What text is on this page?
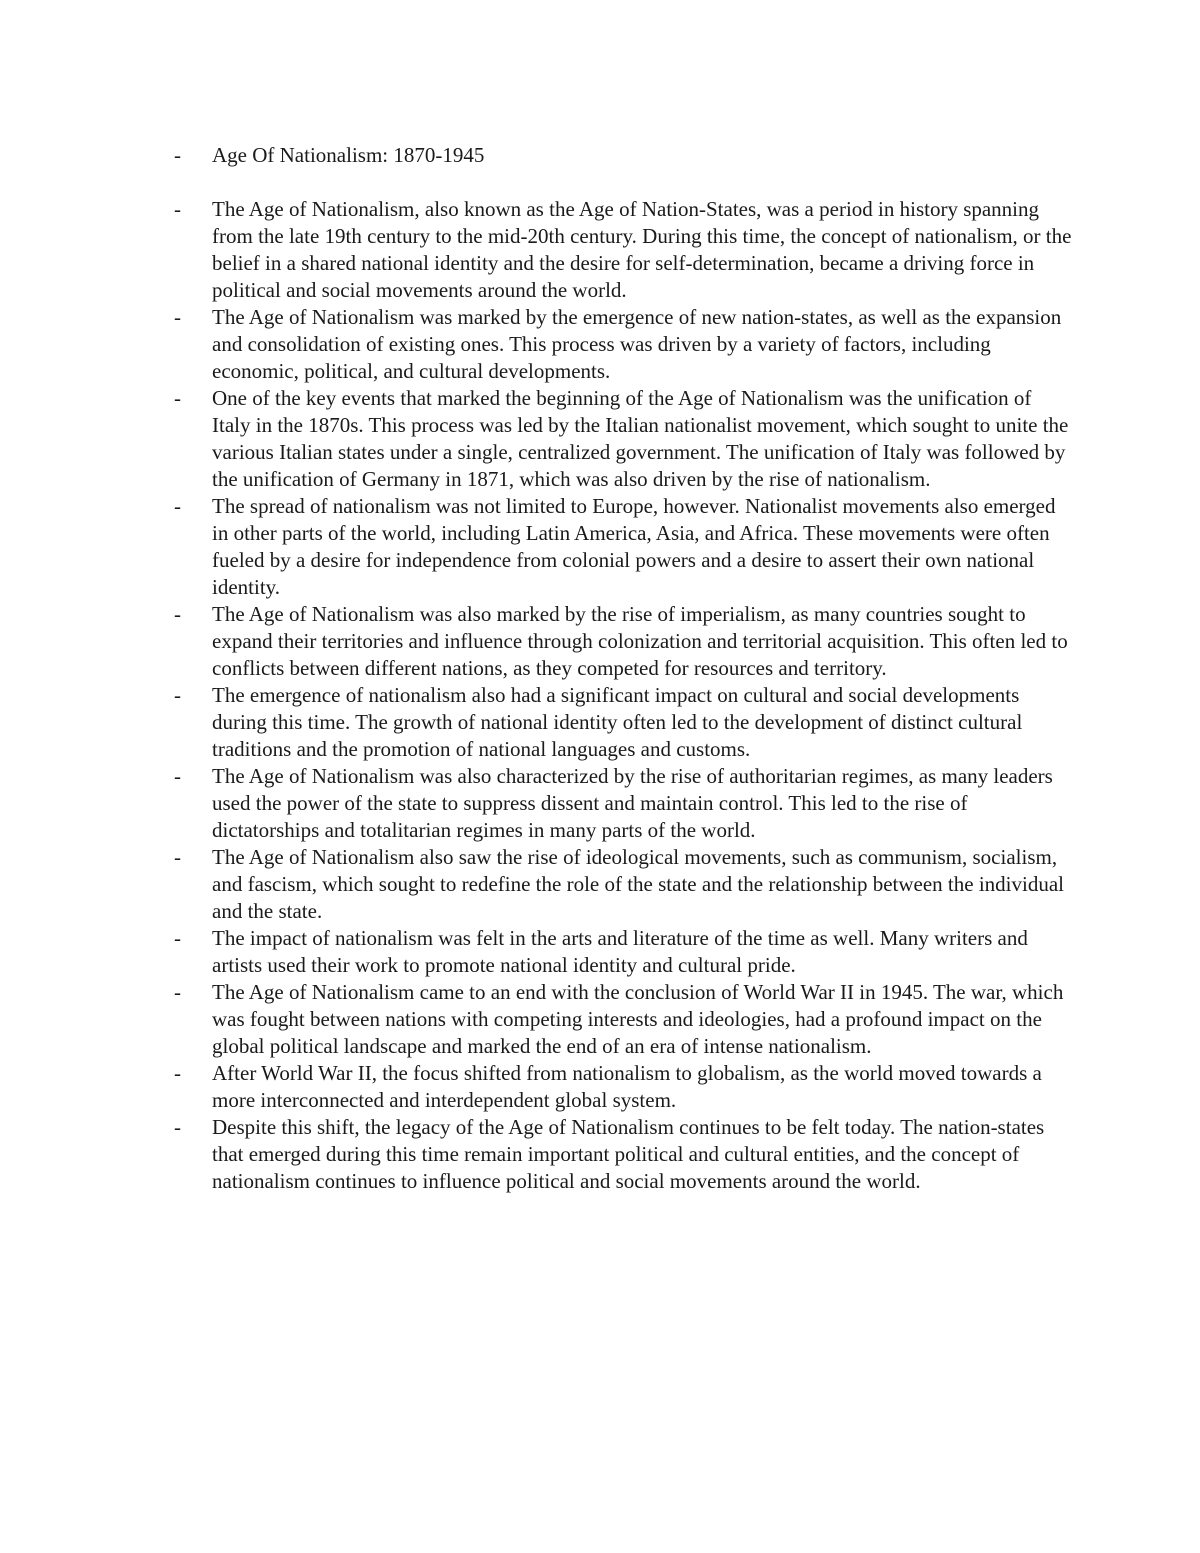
-	Age Of Nationalism: 1870-1945
-	The Age of Nationalism, also known as the Age of Nation-States, was a period in history spanning from the late 19th century to the mid-20th century. During this time, the concept of nationalism, or the belief in a shared national identity and the desire for self-determination, became a driving force in political and social movements around the world.
-	The Age of Nationalism was marked by the emergence of new nation-states, as well as the expansion and consolidation of existing ones. This process was driven by a variety of factors, including economic, political, and cultural developments.
-	One of the key events that marked the beginning of the Age of Nationalism was the unification of Italy in the 1870s. This process was led by the Italian nationalist movement, which sought to unite the various Italian states under a single, centralized government. The unification of Italy was followed by the unification of Germany in 1871, which was also driven by the rise of nationalism.
-	The spread of nationalism was not limited to Europe, however. Nationalist movements also emerged in other parts of the world, including Latin America, Asia, and Africa. These movements were often fueled by a desire for independence from colonial powers and a desire to assert their own national identity.
-	The Age of Nationalism was also marked by the rise of imperialism, as many countries sought to expand their territories and influence through colonization and territorial acquisition. This often led to conflicts between different nations, as they competed for resources and territory.
-	The emergence of nationalism also had a significant impact on cultural and social developments during this time. The growth of national identity often led to the development of distinct cultural traditions and the promotion of national languages and customs.
-	The Age of Nationalism was also characterized by the rise of authoritarian regimes, as many leaders used the power of the state to suppress dissent and maintain control. This led to the rise of dictatorships and totalitarian regimes in many parts of the world.
-	The Age of Nationalism also saw the rise of ideological movements, such as communism, socialism, and fascism, which sought to redefine the role of the state and the relationship between the individual and the state.
-	The impact of nationalism was felt in the arts and literature of the time as well. Many writers and artists used their work to promote national identity and cultural pride.
-	The Age of Nationalism came to an end with the conclusion of World War II in 1945. The war, which was fought between nations with competing interests and ideologies, had a profound impact on the global political landscape and marked the end of an era of intense nationalism.
-	After World War II, the focus shifted from nationalism to globalism, as the world moved towards a more interconnected and interdependent global system.
-	Despite this shift, the legacy of the Age of Nationalism continues to be felt today. The nation-states that emerged during this time remain important political and cultural entities, and the concept of nationalism continues to influence political and social movements around the world.
